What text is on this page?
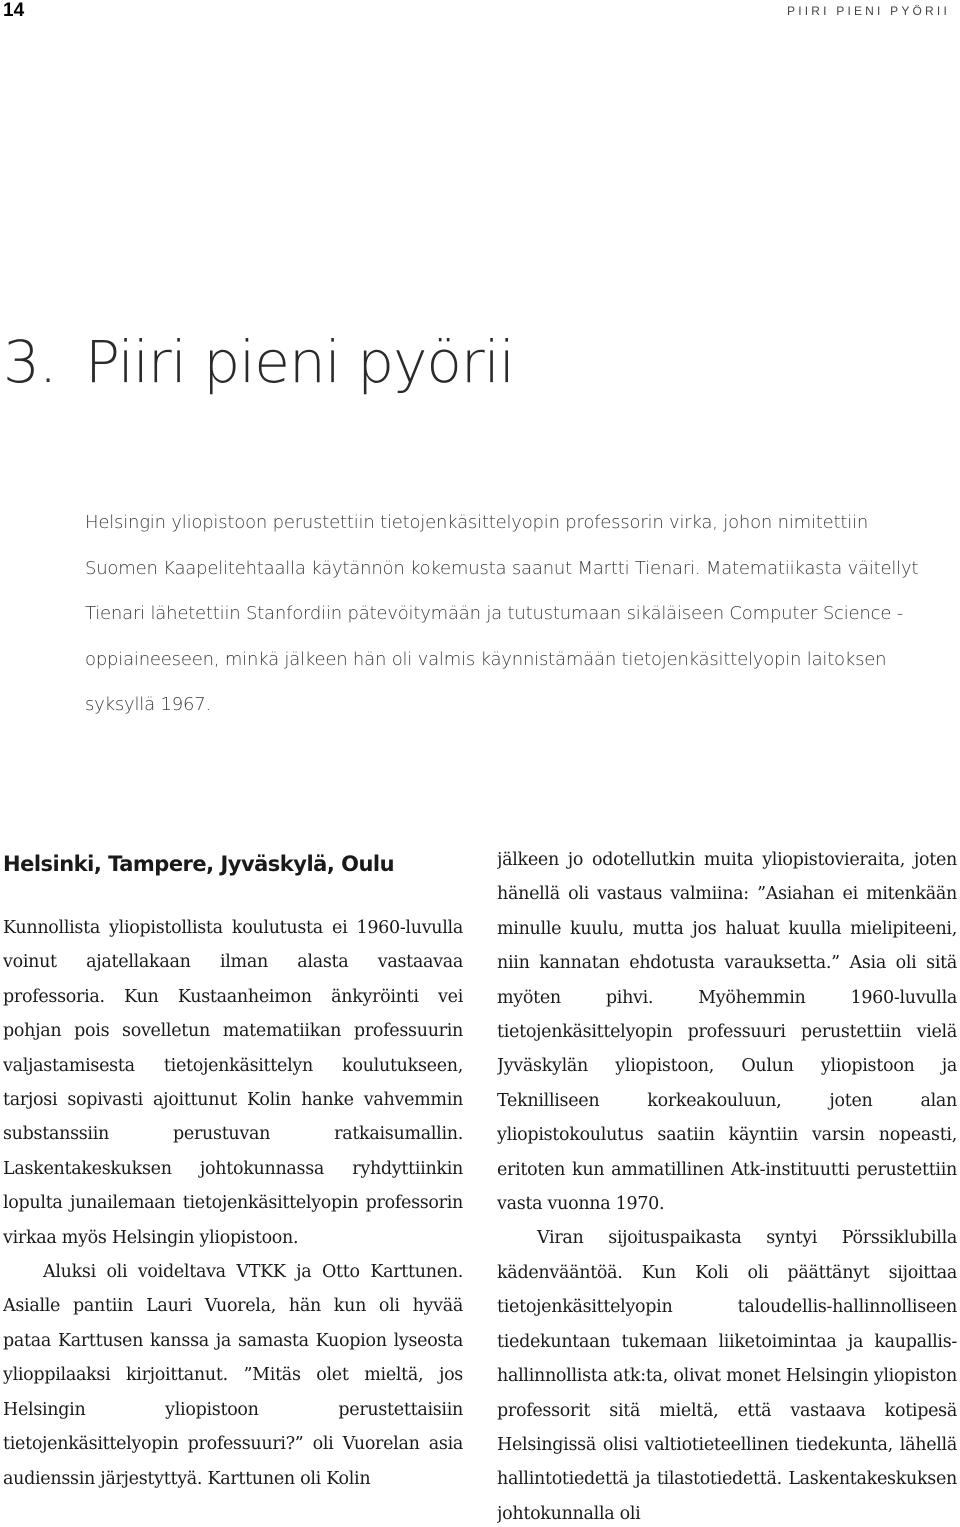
14	PIIRI PIENI PYÖRII
3. Piiri pieni pyörii

Helsingin yliopistoon perustettiin tietojenkäsittelyopin professorin virka, johon nimitettiin Suomen Kaapelitehtaalla käytännön kokemusta saanut Martti Tienari. Matematiikasta väitellyt Tienari lähetettiin Stanfordiin pätevöitymään ja tutustumaan sikäläiseen Computer Science -oppiaineeseen, minkä jälkeen hän oli valmis käynnistämään tietojenkäsittelyopin laitoksen syksyllä 1967.

Helsinki, Tampere, Jyväskylä, Oulu

Kunnollista yliopistollista koulutusta ei 1960-luvulla voinut ajatellakaan ilman alasta vastaavaa professoria. Kun Kustaanheimon änkyröinti vei pohjan pois sovelletun matematiikan professuurin valjastamisesta tietojenkäsittelyn koulutukseen, tarjosi sopivasti ajoittunut Kolin hanke vahvemmin substanssiin perustuvan ratkaisumallin. Laskentakeskuksen johtokunnassa ryhdyttiinkin lopulta junailemaan tietojenkäsittelyopin professorin virkaa myös Helsingin yliopistoon.

Aluksi oli voideltava VTKK ja Otto Karttunen. Asialle pantiin Lauri Vuorela, hän kun oli hyvää pataa Karttusen kanssa ja samasta Kuopion lyseosta ylioppilaaksi kirjoittanut. ”Mitäs olet mieltä, jos Helsingin yliopistoon perustettaisiin tietojenkäsittelyopin professuuri?” oli Vuorelan asia audienssin järjestyttyä. Karttunen oli Kolin

jälkeen jo odotellutkin muita yliopistovieraita, joten hänellä oli vastaus valmiina: ”Asiahan ei mitenkään minulle kuulu, mutta jos haluat kuulla mielipiteeni, niin kannatan ehdotusta varauksetta.” Asia oli sitä myöten pihvi. Myöhemmin 1960-luvulla tietojenkäsittelyopin professuuri perustettiin vielä Jyväskylän yliopistoon, Oulun yliopistoon ja Teknilliseen korkeakouluun, joten alan yliopistokoulutus saatiin käyntiin varsin nopeasti, eritoten kun ammatillinen Atk-instituutti perustettiin vasta vuonna 1970.

Viran sijoituspaikasta syntyi Pörssiklubilla kädenvääntöä. Kun Koli oli päättänyt sijoittaa tietojenkäsittelyopin taloudellis-hallinnolliseen tiedekuntaan tukemaan liiketoimintaa ja kaupallis-hallinnollista atk:ta, olivat monet Helsingin yliopiston professorit sitä mieltä, että vastaava kotipesä Helsingissä olisi valtiotieteellinen tiedekunta, lähellä hallintotiedettä ja tilastotiedettä. Laskentakeskuksen johtokunnalla oli
